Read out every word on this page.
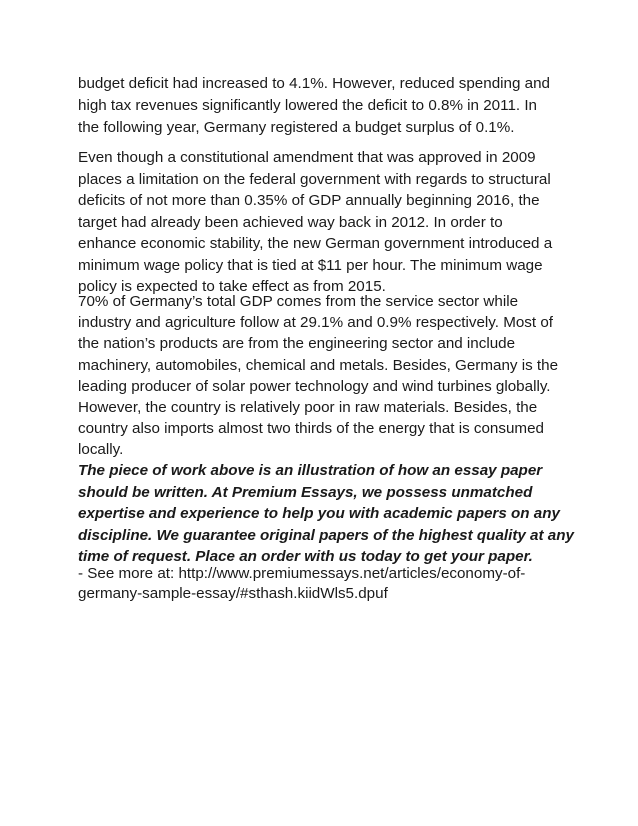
budget deficit had increased to 4.1%. However, reduced spending and
high tax revenues significantly lowered the deficit to 0.8% in 2011. In
the following year, Germany registered a budget surplus of 0.1%.

Even though a constitutional amendment that was approved in 2009
places a limitation on the federal government with regards to structural
deficits of not more than 0.35% of GDP annually beginning 2016, the
target had already been achieved way back in 2012. In order to
enhance economic stability, the new German government introduced a
minimum wage policy that is tied at $11 per hour. The minimum wage
policy is expected to take effect as from 2015.

70% of Germany’s total GDP comes from the service sector while
industry and agriculture follow at 29.1% and 0.9% respectively. Most of
the nation’s products are from the engineering sector and include
machinery, automobiles, chemical and metals. Besides, Germany is the
leading producer of solar power technology and wind turbines globally.
However, the country is relatively poor in raw materials. Besides, the
country also imports almost two thirds of the energy that is consumed
locally.

The piece of work above is an illustration of how an essay paper
should be written. At Premium Essays, we possess unmatched
expertise and experience to help you with academic papers on any
discipline. We guarantee original papers of the highest quality at any
time of request. Place an order with us today to get your paper.

- See more at: http://www.premiumessays.net/articles/economy-of-

germany-sample-essay/#sthash.kiidWls5.dpuf
